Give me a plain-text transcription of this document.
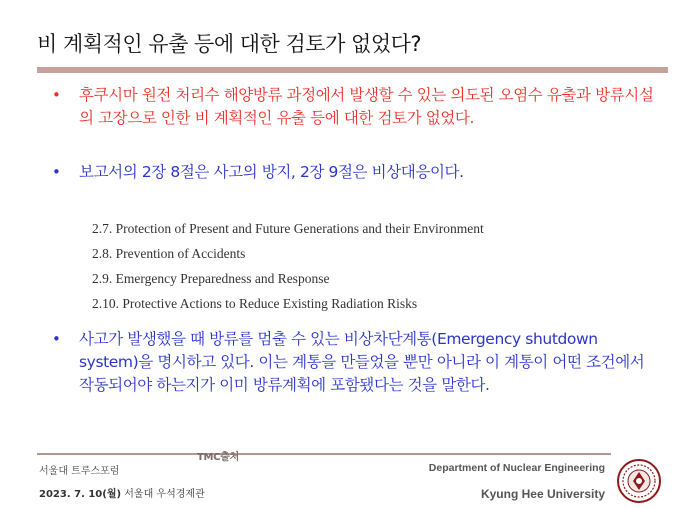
비 계획적인 유출 등에 대한 검토가 없었다?
• 후쿠시마 원전 처리수 해양방류 과정에서 발생할 수 있는 의도된 오염수 유출과 방류시설의 고장으로 인한 비 계획적인 유출 등에 대한 검토가 없었다.
• 보고서의 2장 8절은 사고의 방지, 2장 9절은 비상대응이다.
2.7. Protection of Present and Future Generations and their Environment
2.8. Prevention of Accidents
2.9. Emergency Preparedness and Response
2.10. Protective Actions to Reduce Existing Radiation Risks
• 사고가 발생했을 때 방류를 멈출 수 있는 비상차단계통(Emergency shutdown system)을 명시하고 있다. 이는 계통을 만들었을 뿐만 아니라 이 계통이 어떤 조건에서 작동되어야 하는지가 이미 방류계획에 포함됐다는 것을 말한다.
TMC출처
서울대 트루스포럼
2023. 7. 10(월) 서울대 우석경제관
Department of Nuclear Engineering
Kyung Hee University
